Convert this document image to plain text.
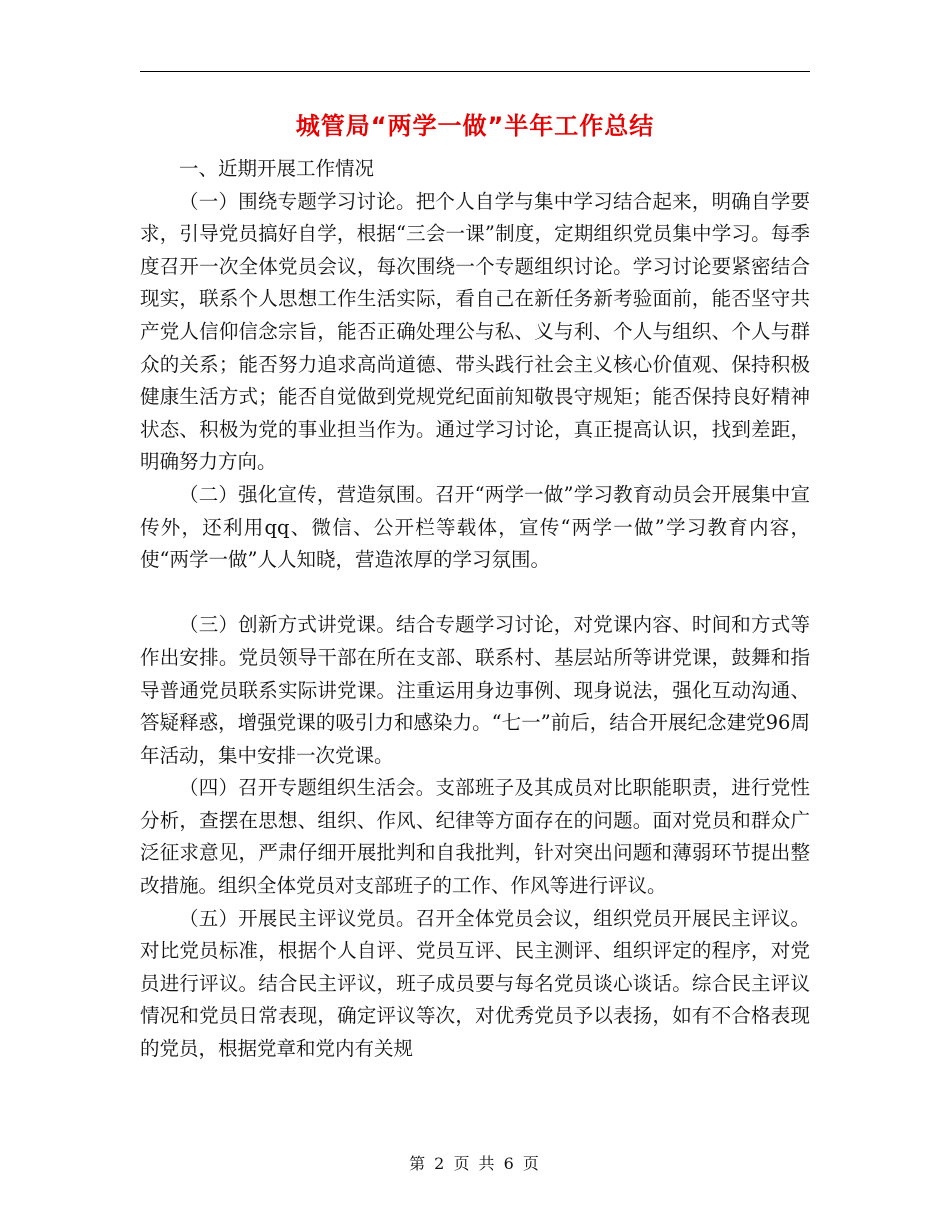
城管局“两学一做”半年工作总结

一、近期开展工作情况

（一）围绕专题学习讨论。把个人自学与集中学习结合起来，明确自学要求，引导党员搞好自学，根据“三会一课”制度，定期组织党员集中学习。每季度召开一次全体党员会议，每次围绕一个专题组织讨论。学习讨论要紧密结合现实，联系个人思想工作生活实际，看自己在新任务新考验面前，能否坚守共产党人信仰信念宗旨，能否正确处理公与私、义与利、个人与组织、个人与群众的关系；能否努力追求高尚道德、带头践行社会主义核心价值观、保持积极健康生活方式；能否自觉做到党规党纪面前知敬畏守规矩；能否保持良好精神状态、积极为党的事业担当作为。通过学习讨论，真正提高认识，找到差距，明确努力方向。

（二）强化宣传，营造氛围。召开“两学一做”学习教育动员会开展集中宣传外，还利用qq、微信、公开栏等载体，宣传“两学一做”学习教育内容，使“两学一做”人人知晓，营造浓厚的学习氛围。

（三）创新方式讲党课。结合专题学习讨论，对党课内容、时间和方式等作出安排。党员领导干部在所在支部、联系村、基层站所等讲党课，鼓舞和指导普通党员联系实际讲党课。注重运用身边事例、现身说法，强化互动沟通、答疑释惑，增强党课的吸引力和感染力。“七一”前后，结合开展纪念建党96周年活动，集中安排一次党课。

（四）召开专题组织生活会。支部班子及其成员对比职能职责，进行党性分析，查摆在思想、组织、作风、纪律等方面存在的问题。面对党员和群众广泛征求意见，严肃仔细开展批判和自我批判，针对突出问题和薄弱环节提出整改措施。组织全体党员对支部班子的工作、作风等进行评议。

（五）开展民主评议党员。召开全体党员会议，组织党员开展民主评议。对比党员标准，根据个人自评、党员互评、民主测评、组织评定的程序，对党员进行评议。结合民主评议，班子成员要与每名党员谈心谈话。综合民主评议情况和党员日常表现，确定评议等次，对优秀党员予以表扬，如有不合格表现的党员，根据党章和党内有关规

第 2 页 共 6 页
